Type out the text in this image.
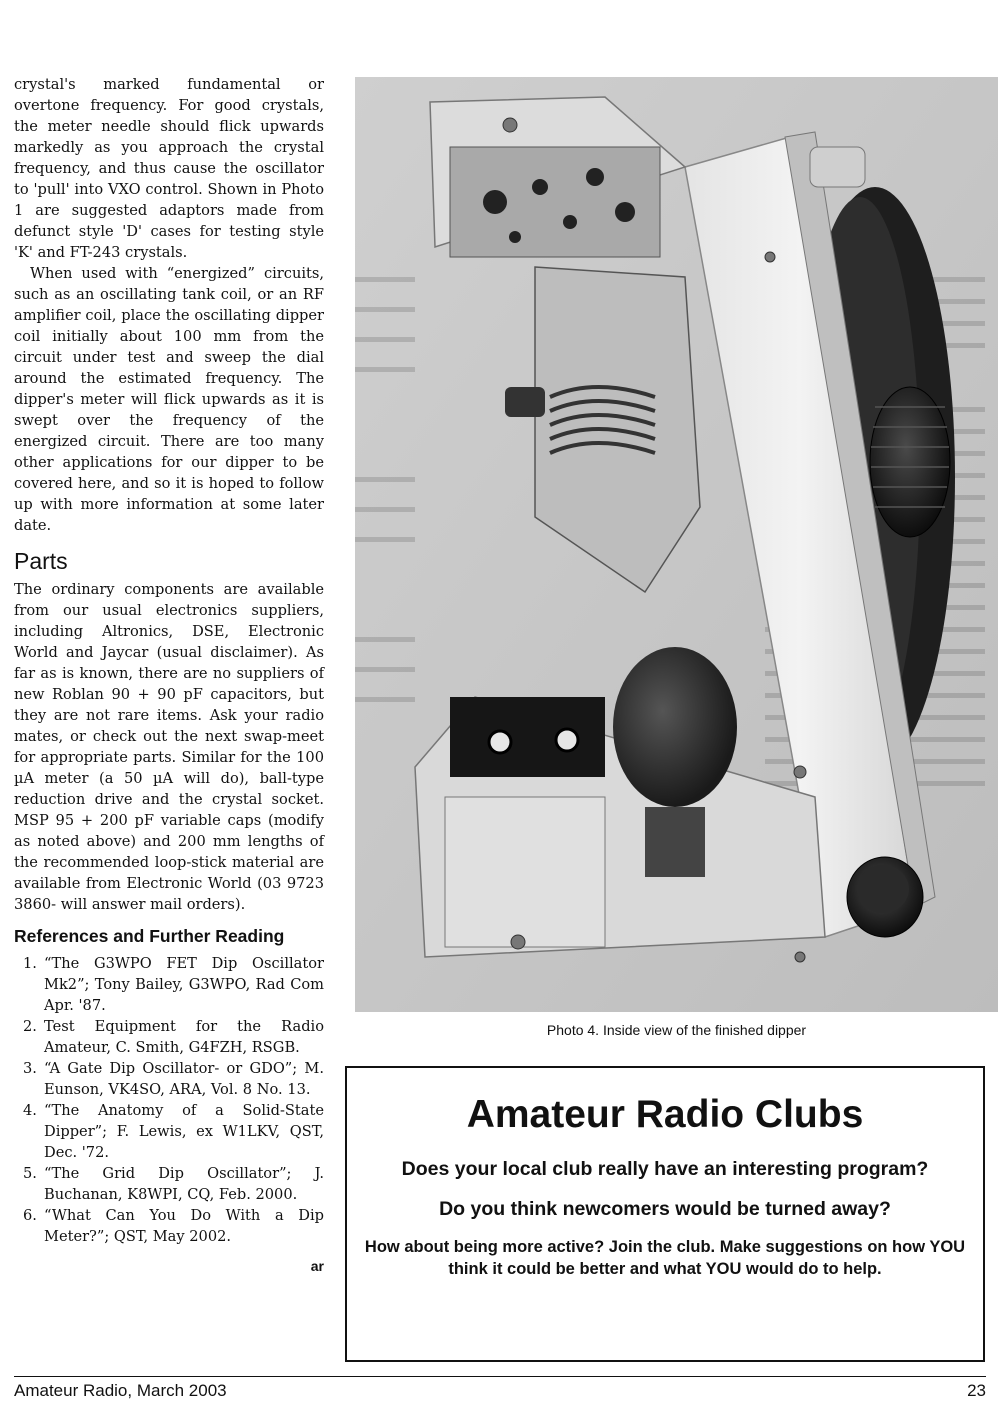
crystal's marked fundamental or overtone frequency. For good crystals, the meter needle should flick upwards markedly as you approach the crystal frequency, and thus cause the oscillator to 'pull' into VXO control. Shown in Photo 1 are suggested adaptors made from defunct style 'D' cases for testing style 'K' and FT-243 crystals.

When used with “energized” circuits, such as an oscillating tank coil, or an RF amplifier coil, place the oscillating dipper coil initially about 100 mm from the circuit under test and sweep the dial around the estimated frequency. The dipper's meter will flick upwards as it is swept over the frequency of the energized circuit. There are too many other applications for our dipper to be covered here, and so it is hoped to follow up with more information at some later date.

Parts

The ordinary components are available from our usual electronics suppliers, including Altronics, DSE, Electronic World and Jaycar (usual disclaimer). As far as is known, there are no suppliers of new Roblan 90 + 90 pF capacitors, but they are not rare items. Ask your radio mates, or check out the next swap-meet for appropriate parts. Similar for the 100 µA meter (a 50 µA will do), ball-type reduction drive and the crystal socket. MSP 95 + 200 pF variable caps (modify as noted above) and 200 mm lengths of the recommended loop-stick material are available from Electronic World (03 9723 3860- will answer mail orders).

References and Further Reading
1. “The G3WPO FET Dip Oscillator Mk2”; Tony Bailey, G3WPO, Rad Com Apr. '87.
2. Test Equipment for the Radio Amateur, C. Smith, G4FZH, RSGB.
3. “A Gate Dip Oscillator- or GDO”; M. Eunson, VK4SO, ARA, Vol. 8 No. 13.
4. “The Anatomy of a Solid-State Dipper”; F. Lewis, ex W1LKV, QST, Dec. '72.
5. “The Grid Dip Oscillator”; J. Buchanan, K8WPI, CQ, Feb. 2000.
6. “What Can You Do With a Dip Meter?”; QST, May 2002.
ar
Photo 4. Inside view of the finished dipper
Amateur Radio Clubs
Does your local club really have an interesting program?
Do you think newcomers would be turned away?
How about being more active? Join the club. Make suggestions on how YOU think it could be better and what YOU would do to help.
Amateur Radio, March 2003	23
